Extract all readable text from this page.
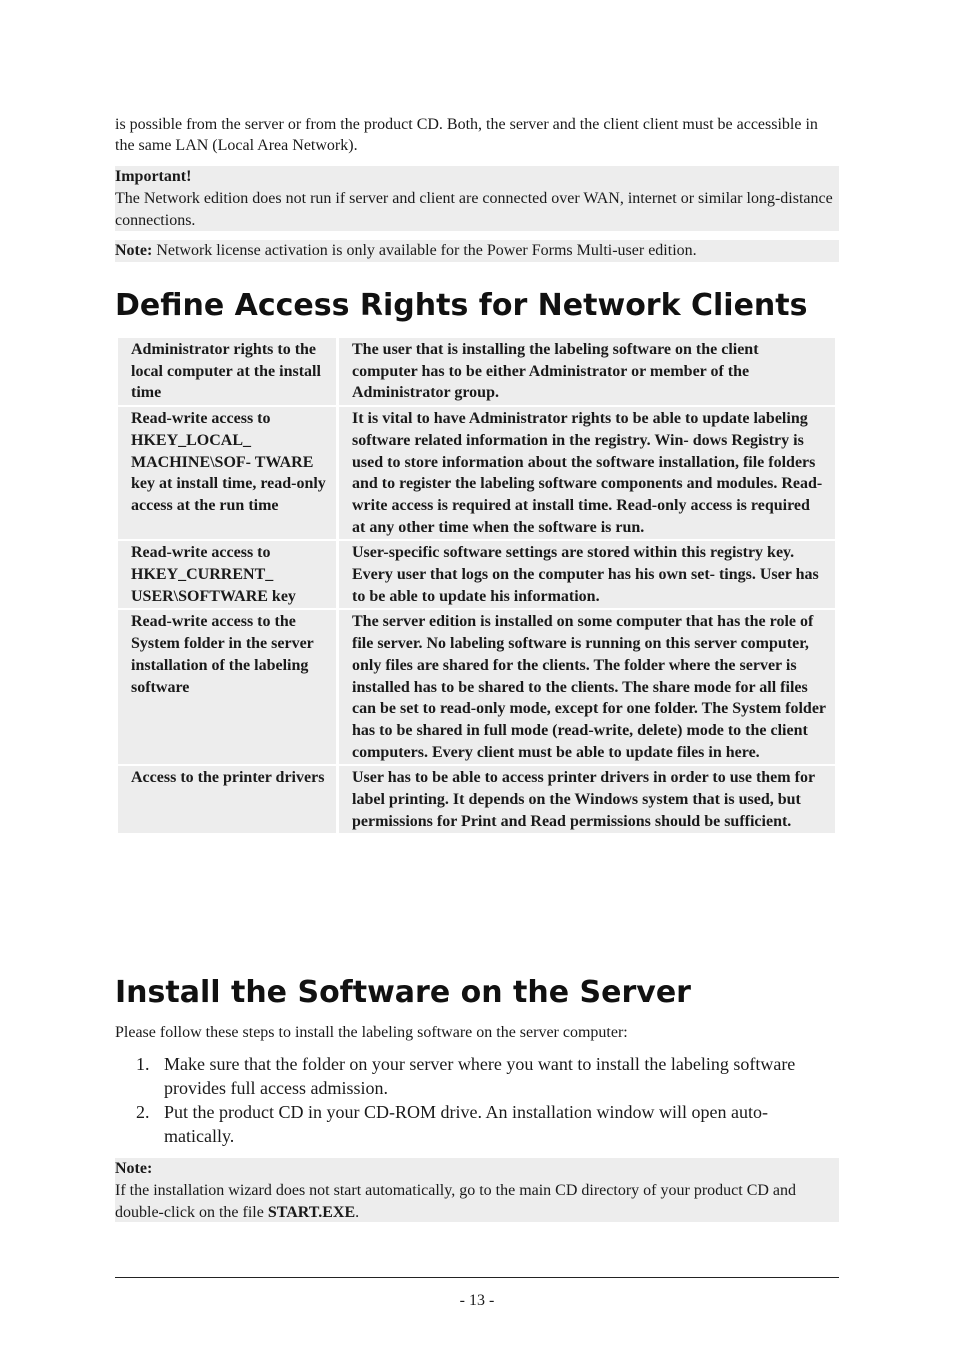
is possible from the server or from the product CD. Both, the server and the client client must be accessible in the same LAN (Local Area Network).
Important!
The Network edition does not run if server and client are connected over WAN, internet or similar long-distance connections.
Note: Network license activation is only available for the Power Forms Multi-user edition.
Define Access Rights for Network Clients
Administrator rights to the local computer at the install time	The user that is installing the labeling software on the client computer has to be either Administrator or member of the Administrator group.
Read-write access to HKEY_LOCAL_ MACHINE\SOF- TWARE key at install time, read-only access at the run time	It is vital to have Administrator rights to be able to update labeling software related information in the registry. Win- dows Registry is used to store information about the software installation, file folders and to register the labeling software components and modules. Read-write access is required at install time. Read-only access is required at any other time when the software is run.
Read-write access to HKEY_CURRENT_ USER\SOFTWARE key	User-specific software settings are stored within this registry key. Every user that logs on the computer has his own set- tings. User has to be able to update his information.
Read-write access to the System folder in the server installation of the labeling software	The server edition is installed on some computer that has the role of file server. No labeling software is running on this server computer, only files are shared for the clients. The folder where the server is installed has to be shared to the clients. The share mode for all files can be set to read-only mode, except for one folder. The System folder has to be shared in full mode (read-write, delete) mode to the client computers. Every client must be able to update files in here.
Access to the printer drivers	User has to be able to access printer drivers in order to use them for label printing. It depends on the Windows system that is used, but permissions for Print and Read permissions should be sufficient.
Install the Software on the Server
Please follow these steps to install the labeling software on the server computer:
1. Make sure that the folder on your server where you want to install the labeling software provides full access admission.
2. Put the product CD in your CD-ROM drive. An installation window will open auto- matically.
Note:
If the installation wizard does not start automatically, go to the main CD directory of your product CD and double-click on the file START.EXE.
- 13 -
